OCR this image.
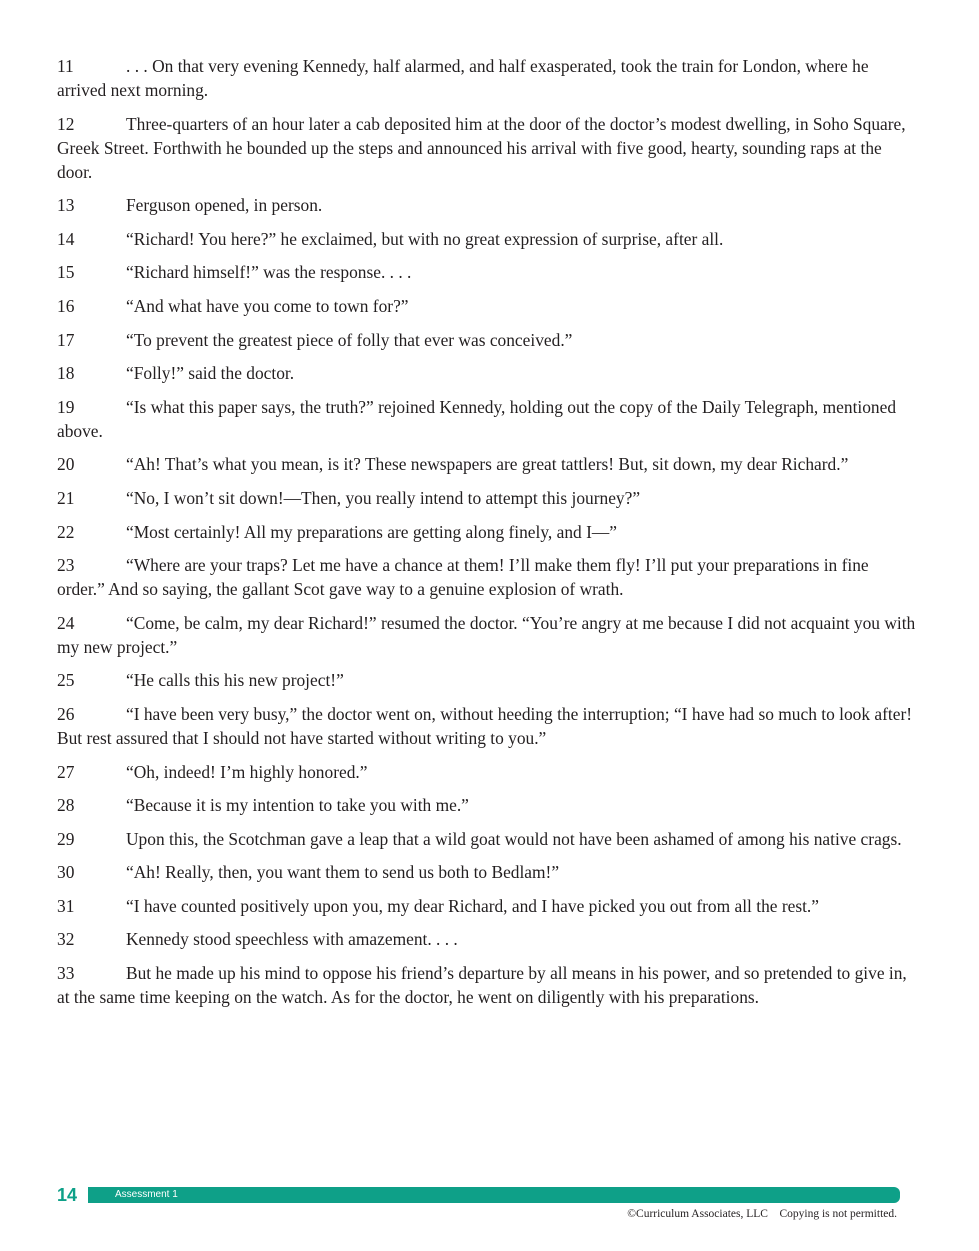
11	. . . On that very evening Kennedy, half alarmed, and half exasperated, took the train for London, where he arrived next morning.

12	Three-quarters of an hour later a cab deposited him at the door of the doctor’s modest dwelling, in Soho Square, Greek Street. Forthwith he bounded up the steps and announced his arrival with five good, hearty, sounding raps at the door.

13	Ferguson opened, in person.

14	“Richard! You here?” he exclaimed, but with no great expression of surprise, after all.

15	“Richard himself!” was the response. . . .

16	“And what have you come to town for?”

17	“To prevent the greatest piece of folly that ever was conceived.”

18	“Folly!” said the doctor.

19	“Is what this paper says, the truth?” rejoined Kennedy, holding out the copy of the Daily Telegraph, mentioned above.

20	“Ah! That’s what you mean, is it? These newspapers are great tattlers! But, sit down, my dear Richard.”

21	“No, I won’t sit down!—Then, you really intend to attempt this journey?”

22	“Most certainly! All my preparations are getting along finely, and I—”

23	“Where are your traps? Let me have a chance at them! I’ll make them fly! I’ll put your preparations in fine order.” And so saying, the gallant Scot gave way to a genuine explosion of wrath.

24	“Come, be calm, my dear Richard!” resumed the doctor. “You’re angry at me because I did not acquaint you with my new project.”

25	“He calls this his new project!”

26	“I have been very busy,” the doctor went on, without heeding the interruption; “I have had so much to look after! But rest assured that I should not have started without writing to you.”

27	“Oh, indeed! I’m highly honored.”

28	“Because it is my intention to take you with me.”

29	Upon this, the Scotchman gave a leap that a wild goat would not have been ashamed of among his native crags.

30	“Ah! Really, then, you want them to send us both to Bedlam!”

31	“I have counted positively upon you, my dear Richard, and I have picked you out from all the rest.”

32	Kennedy stood speechless with amazement. . . .

33	But he made up his mind to oppose his friend’s departure by all means in his power, and so pretended to give in, at the same time keeping on the watch. As for the doctor, he went on diligently with his preparations.

14	Assessment 1
©Curriculum Associates, LLC    Copying is not permitted.
